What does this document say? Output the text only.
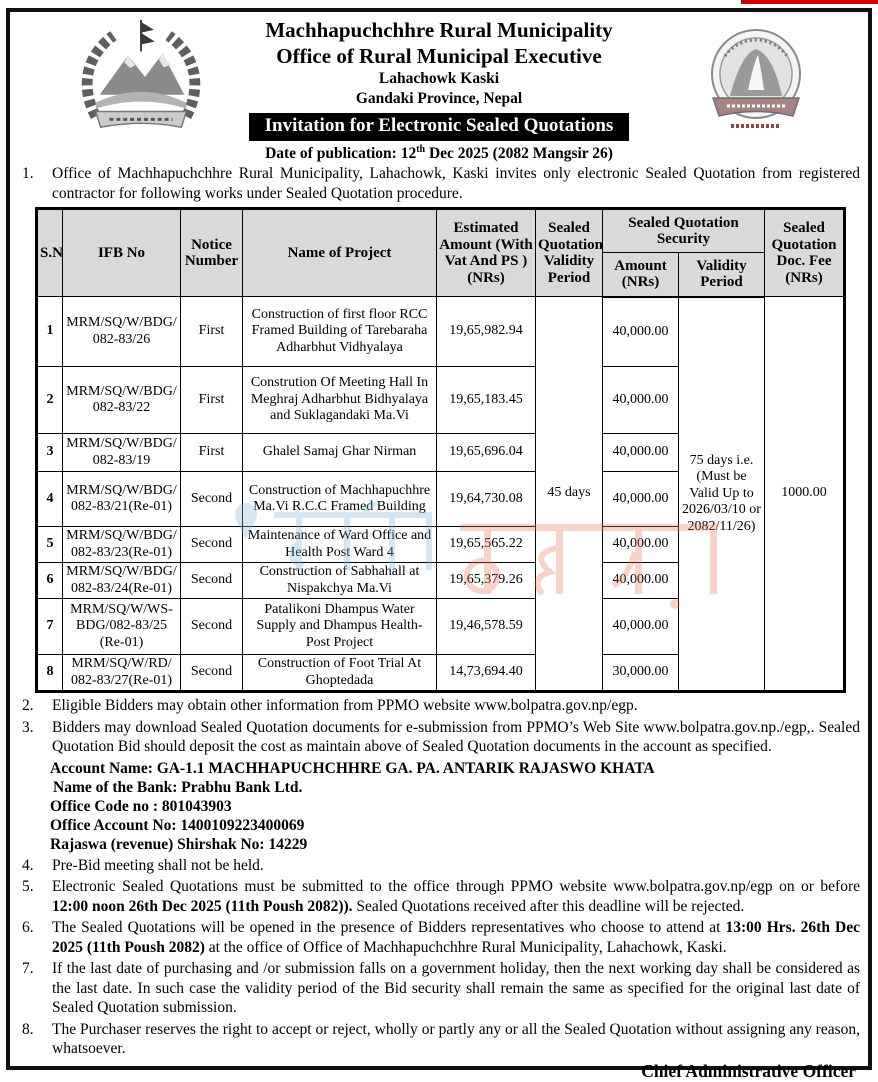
Machhapuchchhre Rural Municipality
Office of Rural Municipal Executive
Lahachowk Kaski
Gandaki Province, Nepal
Invitation for Electronic Sealed Quotations
Date of publication: 12th Dec 2025 (2082 Mangsir 26)
1.	Office of Machhapuchchhre Rural Municipality, Lahachowk, Kaski invites only electronic Sealed Quotation from registered contractor for following works under Sealed Quotation procedure.
S.N	IFB No	Notice Number	Name of Project	Estimated Amount (With Vat And PS ) (NRs)	Sealed Quotation Validity Period	Sealed Quotation Security		Sealed Quotation Doc. Fee (NRs)
						Amount (NRs)	Validity Period	
1	MRM/SQ/W/BDG/
082-83/26	First	Construction of first floor RCC Framed Building of Tarebaraha Adharbhut Vidhyalaya	19,65,982.94	45 days	40,000.00	75 days i.e. (Must be Valid Up to 2026/03/10 or 2082/11/26)	1000.00
2	MRM/SQ/W/BDG/
082-83/22	First	Constrution Of Meeting Hall In Meghraj Adharbhut Bidhyalaya and Suklagandaki Ma.Vi	19,65,183.45		40,000.00		
3	MRM/SQ/W/BDG/
082-83/19	First	Ghalel Samaj Ghar Nirman	19,65,696.04		40,000.00		
4	MRM/SQ/W/BDG/
082-83/21(Re-01)	Second	Construction of Machhapuchhre Ma.Vi R.C.C Framed Building	19,64,730.08		40,000.00		
5	MRM/SQ/W/BDG/
082-83/23(Re-01)	Second	Maintenance of Ward Office and Health Post Ward 4	19,65,565.22		40,000.00		
6	MRM/SQ/W/BDG/
082-83/24(Re-01)	Second	Construction of Sabhahall at Nispakchya Ma.Vi	19,65,379.26		40,000.00		
7	MRM/SQ/W/WS-
BDG/082-83/25
(Re-01)	Second	Patalikoni Dhampus Water Supply and Dhampus Health-Post Project	19,46,578.59		40,000.00		
8	MRM/SQ/W/RD/
082-83/27(Re-01)	Second	Construction of Foot Trial At Ghoptedada	14,73,694.40		30,000.00		
2.	Eligible Bidders may obtain other information from PPMO website www.bolpatra.gov.np/egp.
3.	Bidders may download Sealed Quotation documents for e-submission from PPMO’s Web Site www.bolpatra.gov.np./egp,. Sealed Quotation Bid should deposit the cost as maintain above of Sealed Quotation documents in the account as specified.
Account Name: GA-1.1 MACHHAPUCHCHHRE GA. PA. ANTARIK RAJASWO KHATA
Name of the Bank: Prabhu Bank Ltd.
Office Code no : 801043903
Office Account No: 1400109223400069
Rajaswa (revenue) Shirshak No: 14229
4.	Pre-Bid meeting shall not be held.
5.	Electronic Sealed Quotations must be submitted to the office through PPMO website www.bolpatra.gov.np/egp on or before 12:00 noon 26th Dec 2025 (11th Poush 2082)). Sealed Quotations received after this deadline will be rejected.
6.	The Sealed Quotations will be opened in the presence of Bidders representatives who choose to attend at 13:00 Hrs. 26th Dec 2025 (11th Poush 2082) at the office of Office of Machhapuchchhre Rural Municipality, Lahachowk, Kaski.
7.	If the last date of purchasing and /or submission falls on a government holiday, then the next working day shall be considered as the last date. In such case the validity period of the Bid security shall remain the same as specified for the original last date of Sealed Quotation submission.
8.	The Purchaser reserves the right to accept or reject, wholly or partly any or all the Sealed Quotation without assigning any reason, whatsoever.
Chief Administrative Officer
